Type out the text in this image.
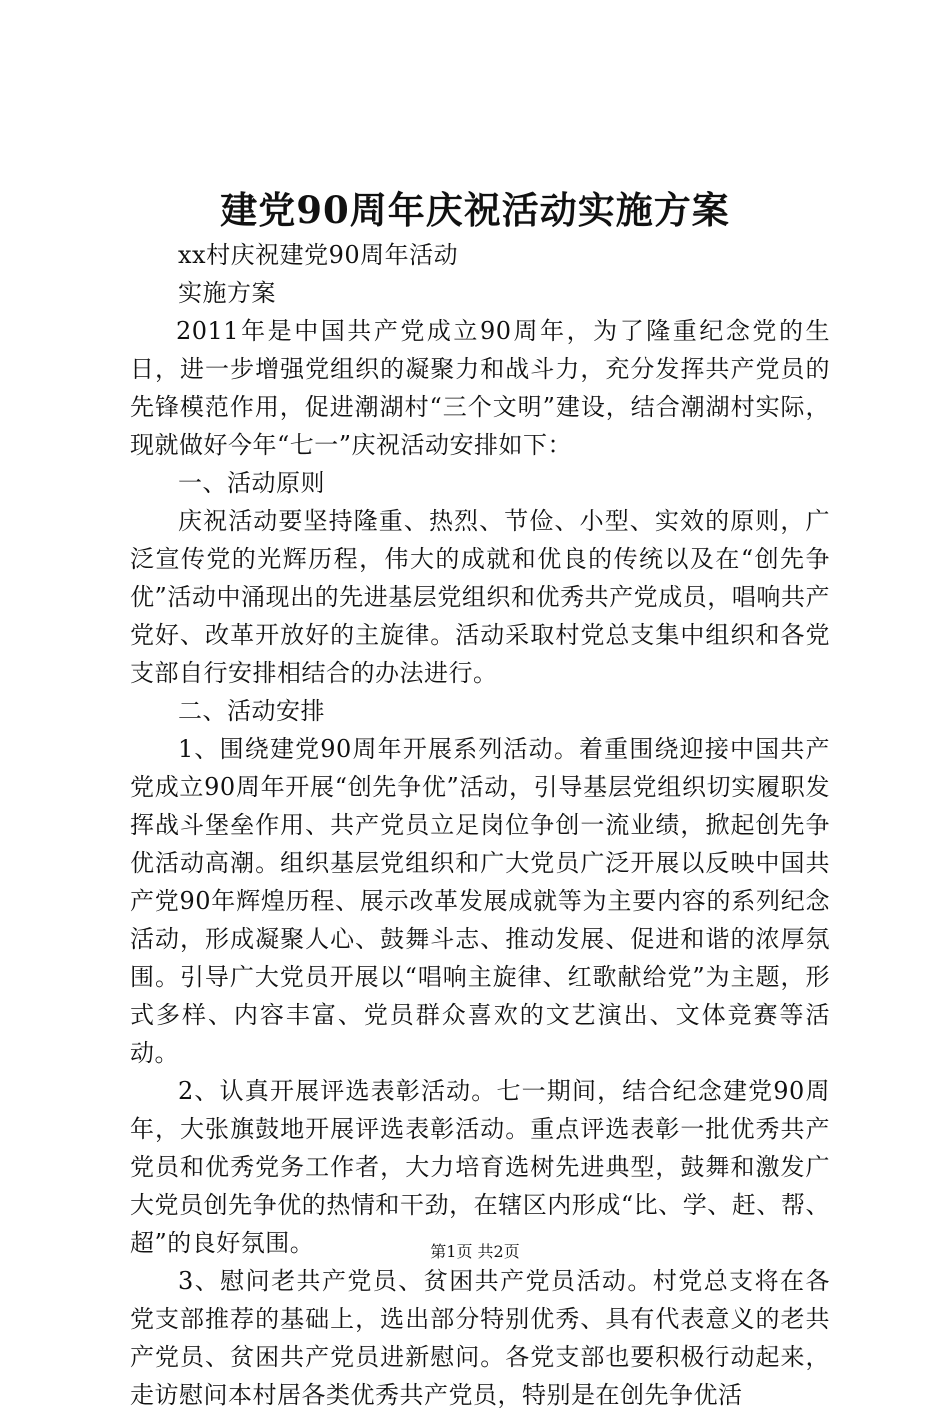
建党90周年庆祝活动实施方案

xx村庆祝建党90周年活动

实施方案

2011年是中国共产党成立90周年，为了隆重纪念党的生日，进一步增强党组织的凝聚力和战斗力，充分发挥共产党员的先锋模范作用，促进潮湖村“三个文明”建设，结合潮湖村实际，现就做好今年“七一”庆祝活动安排如下：

一、活动原则

庆祝活动要坚持隆重、热烈、节俭、小型、实效的原则，广泛宣传党的光辉历程，伟大的成就和优良的传统以及在“创先争优”活动中涌现出的先进基层党组织和优秀共产党成员，唱响共产党好、改革开放好的主旋律。活动采取村党总支集中组织和各党支部自行安排相结合的办法进行。

二、活动安排

1、围绕建党90周年开展系列活动。着重围绕迎接中国共产党成立90周年开展“创先争优”活动，引导基层党组织切实履职发挥战斗堡垒作用、共产党员立足岗位争创一流业绩，掀起创先争优活动高潮。组织基层党组织和广大党员广泛开展以反映中国共产党90年辉煌历程、展示改革发展成就等为主要内容的系列纪念活动，形成凝聚人心、鼓舞斗志、推动发展、促进和谐的浓厚氛围。引导广大党员开展以“唱响主旋律、红歌献给党”为主题，形式多样、内容丰富、党员群众喜欢的文艺演出、文体竞赛等活动。

2、认真开展评选表彰活动。七一期间，结合纪念建党90周年，大张旗鼓地开展评选表彰活动。重点评选表彰一批优秀共产党员和优秀党务工作者，大力培育选树先进典型，鼓舞和激发广大党员创先争优的热情和干劲，在辖区内形成“比、学、赶、帮、超”的良好氛围。

3、慰问老共产党员、贫困共产党员活动。村党总支将在各党支部推荐的基础上，选出部分特别优秀、具有代表意义的老共产党员、贫困共产党员进新慰问。各党支部也要积极行动起来，走访慰问本村居各类优秀共产党员，特别是在创先争优活

第1页 共2页
